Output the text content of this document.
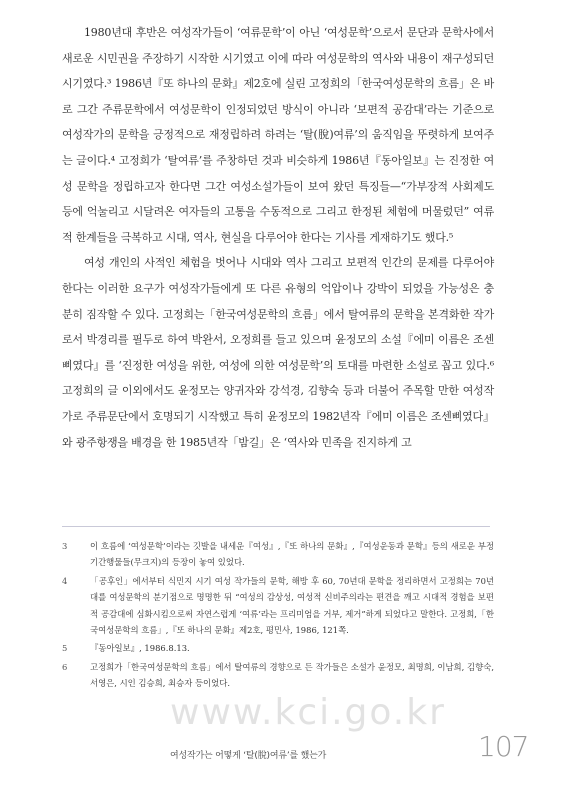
1980년대 후반은 여성작가들이 ‘여류문학’이 아닌 ‘여성문학’으로서 문단과 문학사에서 새로운 시민권을 주장하기 시작한 시기였고 이에 따라 여성문학의 역사와 내용이 재구성되던 시기였다.³ 1986년『또 하나의 문화』제2호에 실린 고정희의「한국여성문학의 흐름」은 바로 그간 주류문학에서 여성문학이 인정되었던 방식이 아니라 ‘보편적 공감대’라는 기준으로 여성작가의 문학을 긍정적으로 재정립하려 하려는 ‘탈(脫)여류’의 움직임을 뚜렷하게 보여주는 글이다.⁴ 고정희가 ‘탈여류’를 주창하던 것과 비슷하게 1986년『동아일보』는 진정한 여성 문학을 정립하고자 한다면 그간 여성소설가들이 보여 왔던 특징들—“가부장적 사회제도 등에 억눌리고 시달려온 여자들의 고통을 수동적으로 그리고 한정된 체험에 머물렀던” 여류적 한계들을 극복하고 시대, 역사, 현실을 다루어야 한다는 기사를 게재하기도 했다.⁵

여성 개인의 사적인 체험을 벗어나 시대와 역사 그리고 보편적 인간의 문제를 다루어야 한다는 이러한 요구가 여성작가들에게 또 다른 유형의 억압이나 강박이 되었을 가능성은 충분히 짐작할 수 있다. 고정희는「한국여성문학의 흐름」에서 탈여류의 문학을 본격화한 작가로서 박경리를 필두로 하여 박완서, 오정희를 들고 있으며 윤정모의 소설『에미 이름은 조센삐였다』를 ‘진정한 여성을 위한, 여성에 의한 여성문학’의 토대를 마련한 소설로 꼽고 있다.⁶ 고정희의 글 이외에서도 윤정모는 양귀자와 강석경, 김향숙 등과 더불어 주목할 만한 여성작가로 주류문단에서 호명되기 시작했고 특히 윤정모의 1982년작『에미 이름은 조센삐였다』와 광주항쟁을 배경을 한 1985년작「밤길」은 ‘역사와 민족을 진지하게 고

3	이 흐름에 ‘여성문학’이라는 깃발을 내세운『여성』,『또 하나의 문화』,『여성운동과 문학』등의 새로운 부정기간행물들(무크지)의 등장이 놓여 있었다.
4	「공후인」에서부터 식민지 시기 여성 작가들의 문학, 해방 후 60, 70년대 문학을 정리하면서 고정희는 70년대를 여성문학의 분기점으로 명명한 뒤 “여성의 감상성, 여성적 신비주의라는 편견을 깨고 시대적 경험을 보편적 공감대에 심화시킴으로써 자연스럽게 ‘여류’라는 프리미엄을 거부, 제거”하게 되었다고 말한다. 고정희,「한국여성문학의 흐름」,『또 하나의 문화』제2호, 평민사, 1986, 121쪽.
5	『동아일보』, 1986.8.13.
6	고정희가「한국여성문학의 흐름」에서 탈여류의 경향으로 든 작가들은 소설가 윤정모, 최명희, 이남희, 김향숙, 서영은, 시인 김승희, 최승자 등이었다.
www.kci.go.kr
여성작가는 어떻게 ‘탈(脫)여류’를 했는가	107
